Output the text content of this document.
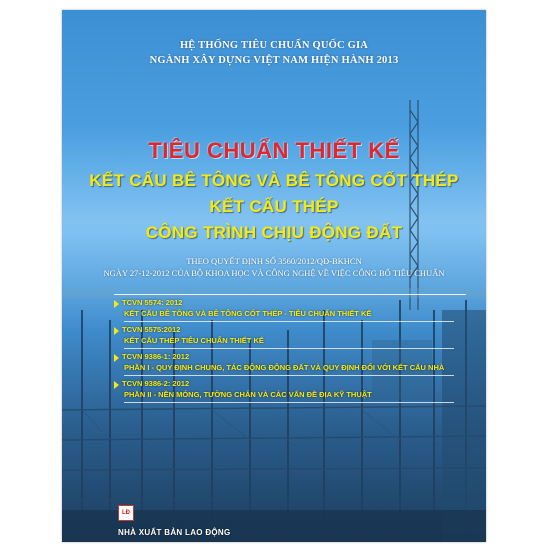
HỆ THỐNG TIÊU CHUẨN QUỐC GIA
NGÀNH XÂY DỰNG VIỆT NAM HIỆN HÀNH 2013
TIÊU CHUẨN THIẾT KẾ
KẾT CẤU BÊ TÔNG VÀ BÊ TÔNG CỐT THÉP
KẾT CẤU THÉP
CÔNG TRÌNH CHỊU ĐỘNG ĐẤT
THEO QUYẾT ĐỊNH SỐ 3560/2012/QĐ-BKHCN
NGÀY 27-12-2012 CỦA BỘ KHOA HỌC VÀ CÔNG NGHỆ VỀ VIỆC CÔNG BỐ TIÊU CHUẨN
TCVN 5574: 2012
KẾT CẤU BÊ TÔNG VÀ BÊ TÔNG CỐT THÉP - TIÊU CHUẨN THIẾT KẾ
TCVN 5575:2012
KẾT CẤU THÉP TIÊU CHUẨN THIẾT KẾ
TCVN 9386-1: 2012
PHẦN I - QUY ĐỊNH CHUNG, TÁC ĐỘNG ĐỘNG ĐẤT VÀ QUY ĐỊNH ĐỐI VỚI KẾT CẤU NHÀ
TCVN 9386-2: 2012
PHẦN II - NỀN MÓNG, TƯỜNG CHẮN VÀ CÁC VẤN ĐỀ ĐỊA KỸ THUẬT
LĐ
NHÀ XUẤT BẢN LAO ĐỘNG
